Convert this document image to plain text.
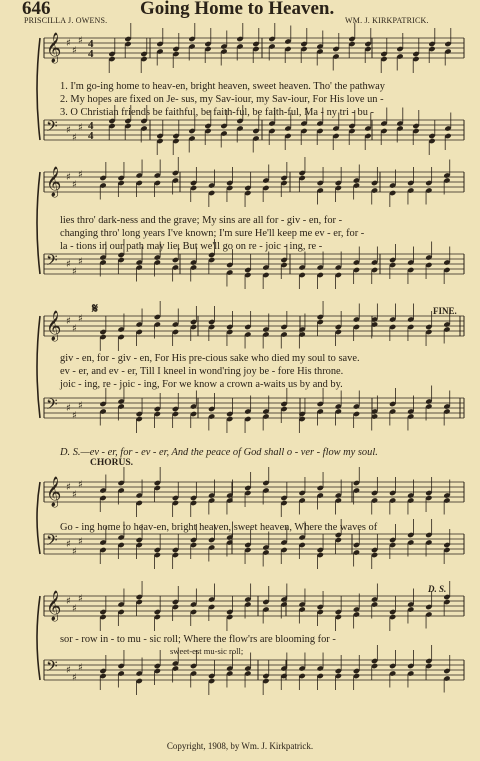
𝄞 ♯
♯
♯ 4
4
𝄢 ♯
♯
♯ 4
4
𝄞 ♯
♯
♯
𝄢 ♯
♯
♯
𝄞 ♯
♯
♯
𝄢 ♯
♯
♯
𝄞 ♯
♯
♯
𝄢 ♯
♯
♯
𝄞 ♯
♯
♯
𝄢 ♯
♯
♯
646	Going Home to Heaven.
PRISCILLA J. OWENS.	WM. J. KIRKPATRICK.
1. I'm go-ing home to heav-en, bright heaven, sweet heaven. Tho' the pathway
2. My hopes are fixed on Je- sus, my Sav-iour, my Sav-iour, For His love un -
3. O Christian friends be faithful, be faith-ful, be faith-ful, Ma - ny tri - bu -
lies thro' dark-ness and the grave; My sins are all for - giv - en, for -
changing thro' long years I've known; I'm sure He'll keep me ev - er, for -
la - tions in our path may lie, But we'll go on re - joic - ing, re -
giv - en, for - giv - en, For His pre-cious sake who died my soul to save.
ev - er, and ev - er, Till I kneel in wond'ring joy be - fore His throne.
joic - ing, re - joic - ing, For we know a crown a-waits us by and by.
D. S.—ev - er, for - ev - er, And the peace of God shall o - ver - flow my soul.
CHORUS.
Go - ing home to heav-en, bright heaven, sweet heaven, Where the waves of
sor - row in - to mu - sic roll; Where the flow'rs are blooming for -
sweet-est mu-sic roll;
FINE.
𝄋
D. S.
Copyright, 1908, by Wm. J. Kirkpatrick.
